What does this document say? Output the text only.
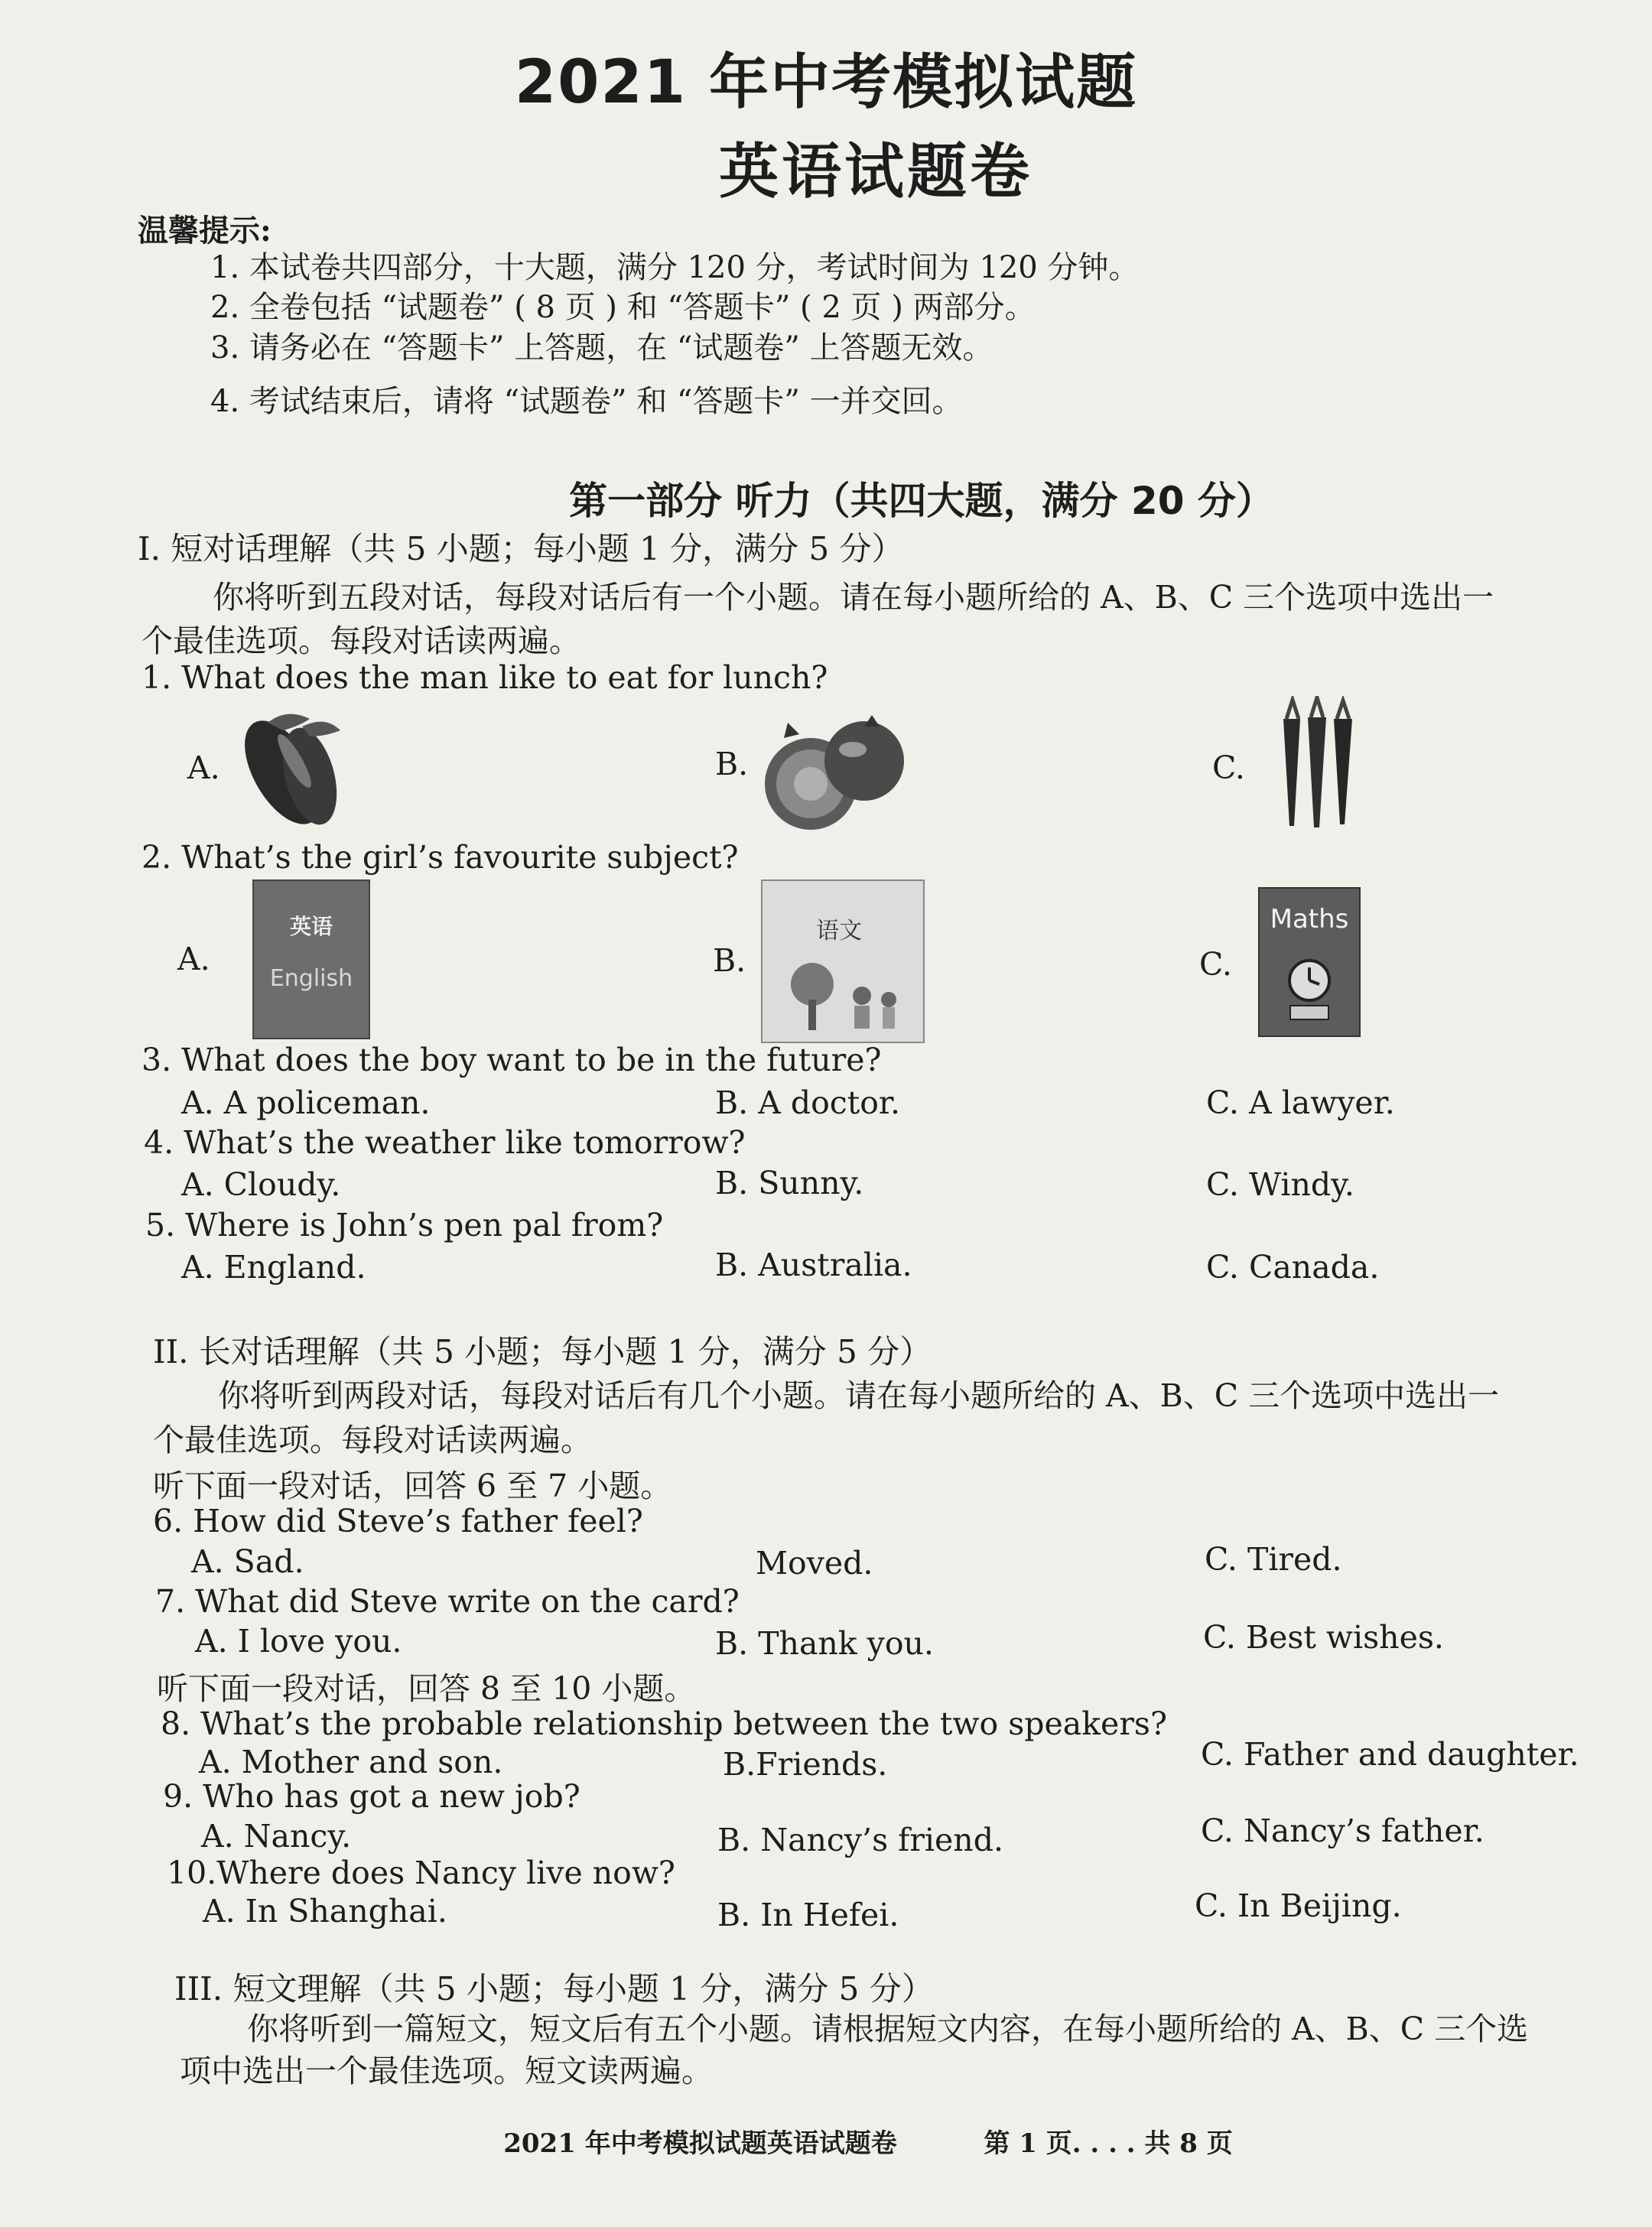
2021 年中考模拟试题
英语试题卷
温馨提示:
1. 本试卷共四部分，十大题，满分 120 分，考试时间为 120 分钟。
2. 全卷包括 “试题卷” ( 8 页 ) 和 “答题卡” ( 2 页 ) 两部分。
3. 请务必在 “答题卡” 上答题，在 “试题卷” 上答题无效。
4. 考试结束后，请将 “试题卷” 和 “答题卡” 一并交回。
第一部分 听力（共四大题，满分 20 分）
I. 短对话理解（共 5 小题；每小题 1 分，满分 5 分）
你将听到五段对话，每段对话后有一个小题。请在每小题所给的 A、B、C 三个选项中选出一
个最佳选项。每段对话读两遍。
1. What does the man like to eat for lunch?
A.	B.	C.
2. What’s the girl’s favourite subject?
A.	B.	C.
英语
English
语文	Maths
3. What does the boy want to be in the future?
A. A policeman.	B. A doctor.	C. A lawyer.
4. What’s the weather like tomorrow?
A. Cloudy.	B. Sunny.	C. Windy.
5. Where is John’s pen pal from?
A. England.	B. Australia.	C. Canada.
II. 长对话理解（共 5 小题；每小题 1 分，满分 5 分）
你将听到两段对话，每段对话后有几个小题。请在每小题所给的 A、B、C 三个选项中选出一
个最佳选项。每段对话读两遍。
听下面一段对话，回答 6 至 7 小题。
6. How did Steve’s father feel?
A. Sad.	Moved.	C. Tired.
7. What did Steve write on the card?
A. I love you.	B. Thank you.	C. Best wishes.
听下面一段对话，回答 8 至 10 小题。
8. What’s the probable relationship between the two speakers?
A. Mother and son.	B.Friends.	C. Father and daughter.
9. Who has got a new job?
A. Nancy.	B. Nancy’s friend.	C. Nancy’s father.
10.Where does Nancy live now?
A. In Shanghai.	B. In Hefei.	C. In Beijing.
III. 短文理解（共 5 小题；每小题 1 分，满分 5 分）
你将听到一篇短文，短文后有五个小题。请根据短文内容，在每小题所给的 A、B、C 三个选
项中选出一个最佳选项。短文读两遍。
2021 年中考模拟试题英语试题卷	第 1 页. . . . 共 8 页
